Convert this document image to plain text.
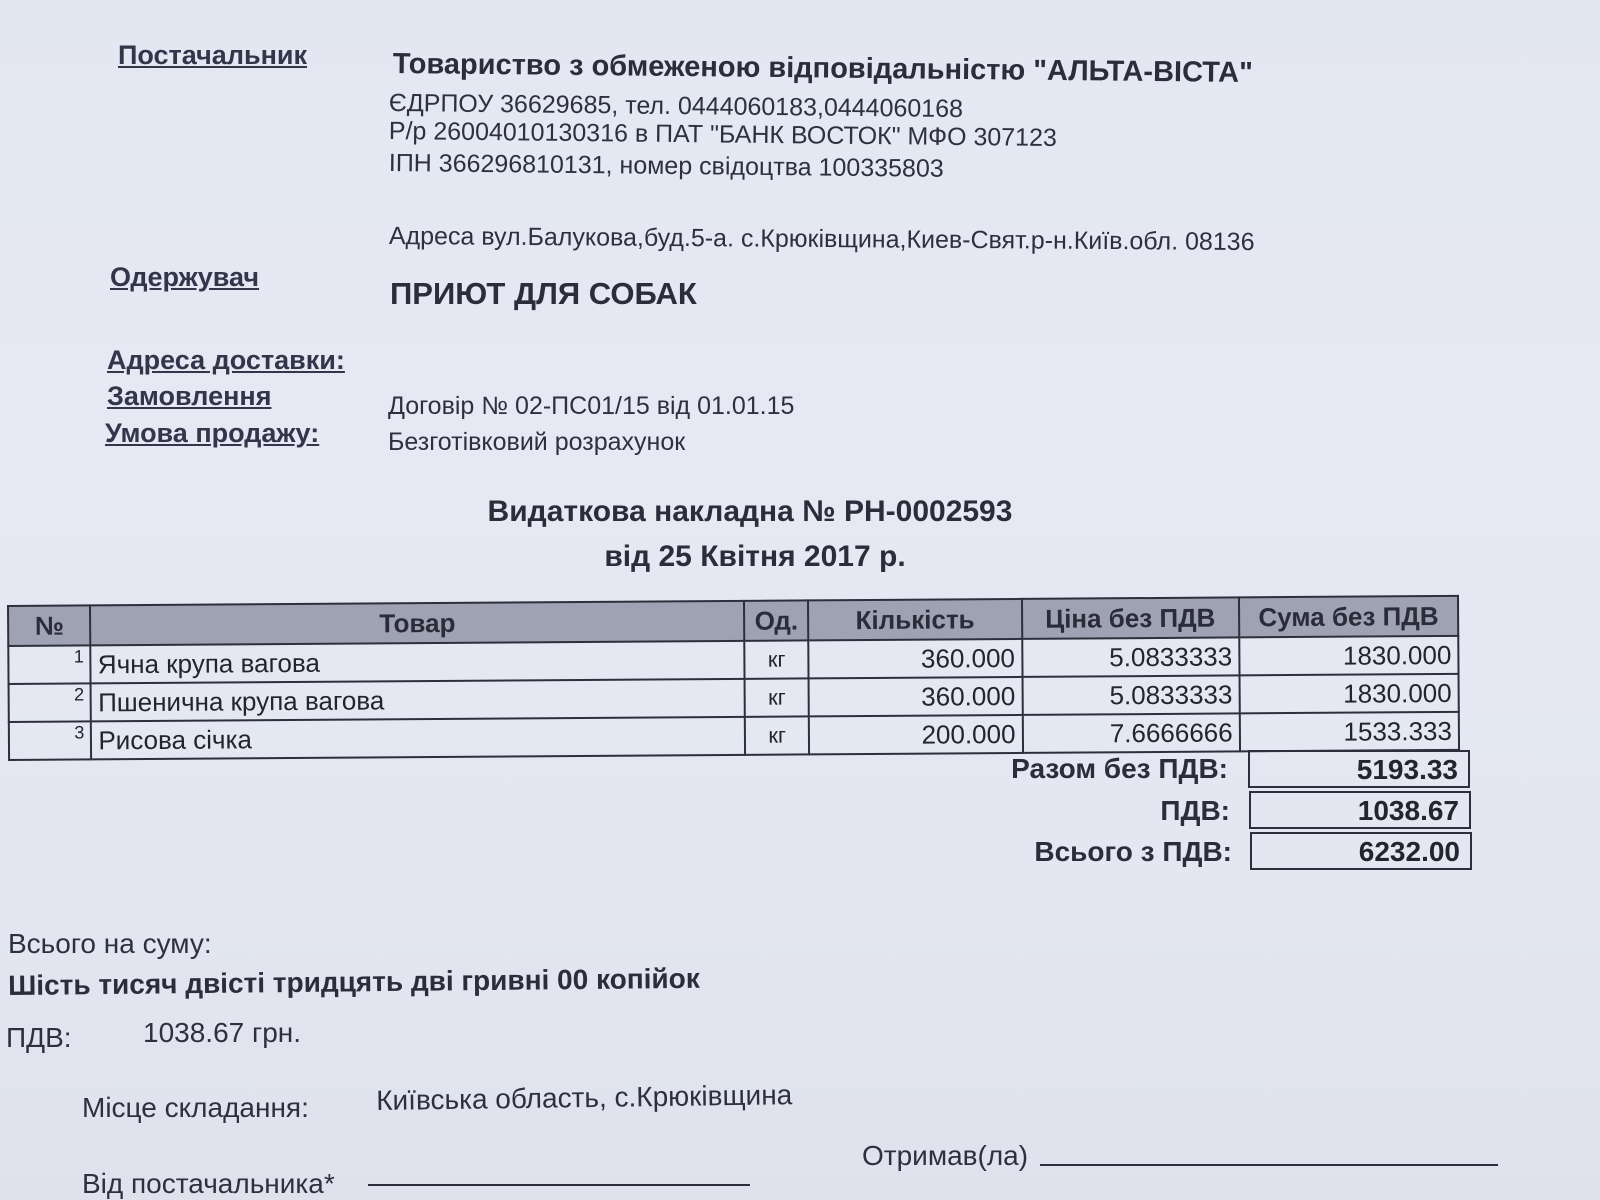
Постачальник	Товариство з обмеженою відповідальністю "АЛЬТА-ВІСТА"
ЄДРПОУ 36629685, тел. 0444060183,0444060168
Р/р 26004010130316 в ПАТ "БАНК ВОСТОК" МФО 307123
ІПН 366296810131, номер свідоцтва 100335803
Адреса вул.Балукова,буд.5-а. с.Крюківщина,Киев-Свят.р-н.Київ.обл. 08136
Одержувач	ПРИЮТ ДЛЯ СОБАК
Адреса доставки:
Замовлення	Договір № 02-ПС01/15 від 01.01.15
Умова продажу:	Безготівковий розрахунок
Видаткова накладна № РН-0002593
від 25 Квітня 2017 р.
№	Товар	Од.	Кількість	Ціна без ПДВ	Сума без ПДВ
1	Ячна крупа вагова	кг	360.000	5.0833333	1830.000
2	Пшенична крупа вагова	кг	360.000	5.0833333	1830.000
3	Рисова січка	кг	200.000	7.6666666	1533.333
Разом без ПДВ:	5193.33
ПДВ:	1038.67
Всього з ПДВ:	6232.00
Всього на суму:
Шість тисяч двісті тридцять дві гривні 00 копійок
ПДВ:	1038.67 грн.
Місце складання: Київська область, с.Крюківщина
Отримав(ла)
Від постачальника*
